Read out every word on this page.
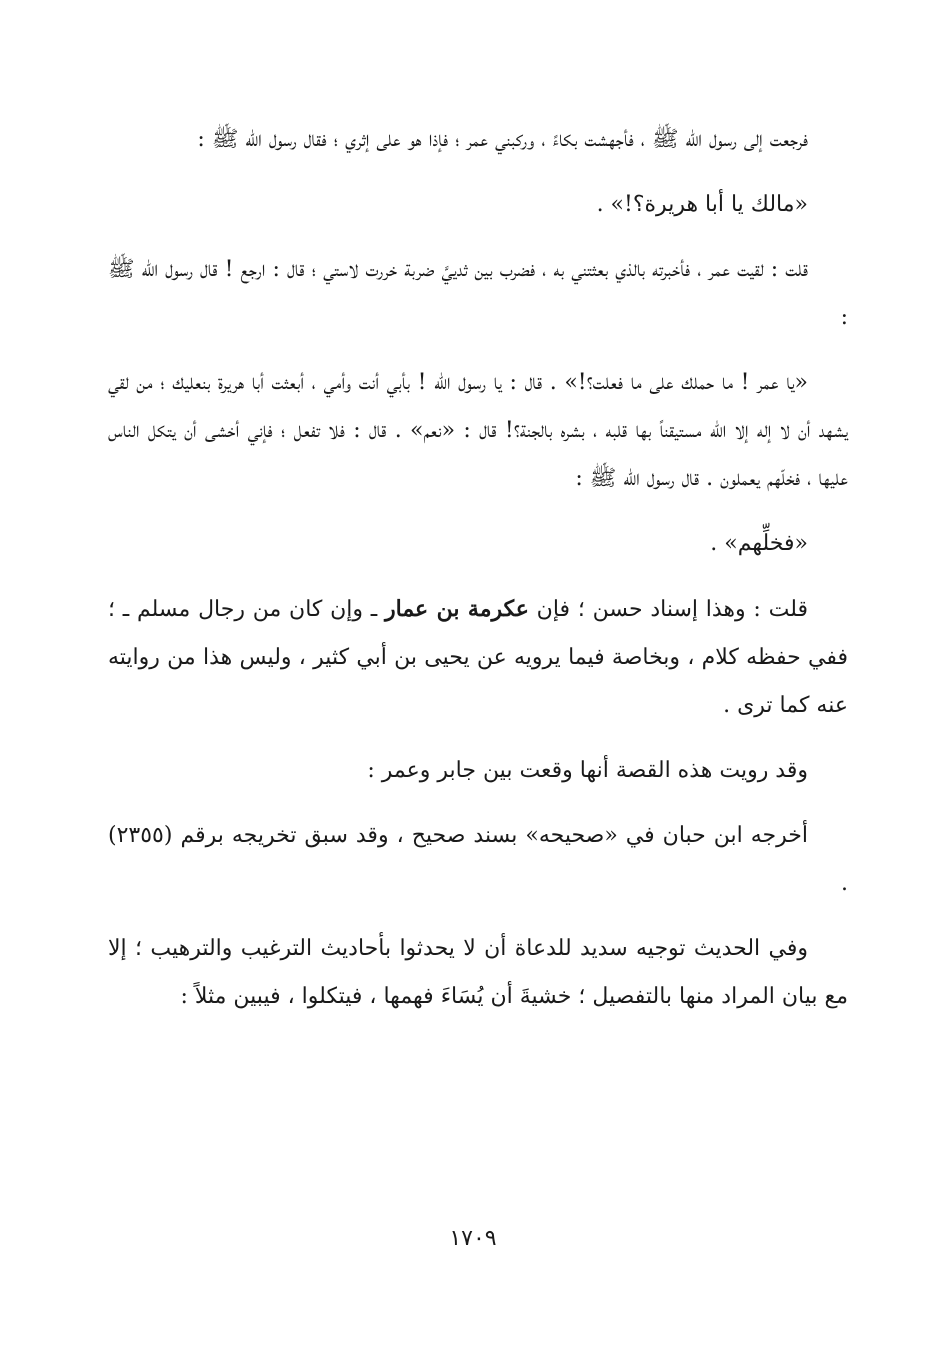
فرجعت إلى رسول الله ﷺ ، فأجهشت بكاءً ، وركبني عمر ؛ فإذا هو على إثري ؛ فقال رسول الله ﷺ :

«مالك يا أبا هريرة؟!» .

قلت : لقيت عمر ، فأخبرته بالذي بعثتني به ، فضرب بين ثدييَّ ضربة خررت لاستي ؛ قال : ارجع ! قال رسول الله ﷺ :

«يا عمر ! ما حملك على ما فعلت؟!» . قال : يا رسول الله ! بأبي أنت وأمي ، أبعثت أبا هريرة بنعليك ؛ من لقي يشهد أن لا إله إلا الله مستيقناً بها قلبه ، بشره بالجنة؟! قال : «نعم» . قال : فلا تفعل ؛ فإني أخشى أن يتكل الناس عليها ، فخلّهم يعملون . قال رسول الله ﷺ :

«فخلِّهم» .

قلت : وهذا إسناد حسن ؛ فإن عكرمة بن عمار ـ وإن كان من رجال مسلم ـ ؛ ففي حفظه كلام ، وبخاصة فيما يرويه عن يحيى بن أبي كثير ، وليس هذا من روايته عنه كما ترى .

وقد رويت هذه القصة أنها وقعت بين جابر وعمر :

أخرجه ابن حبان في «صحيحه» بسند صحيح ، وقد سبق تخريجه برقم (٢٣٥٥) .

وفي الحديث توجيه سديد للدعاة أن لا يحدثوا بأحاديث الترغيب والترهيب ؛ إلا مع بيان المراد منها بالتفصيل ؛ خشيةَ أن يُسَاءَ فهمها ، فيتكلوا ، فيبين مثلاً :

١٧٠٩
